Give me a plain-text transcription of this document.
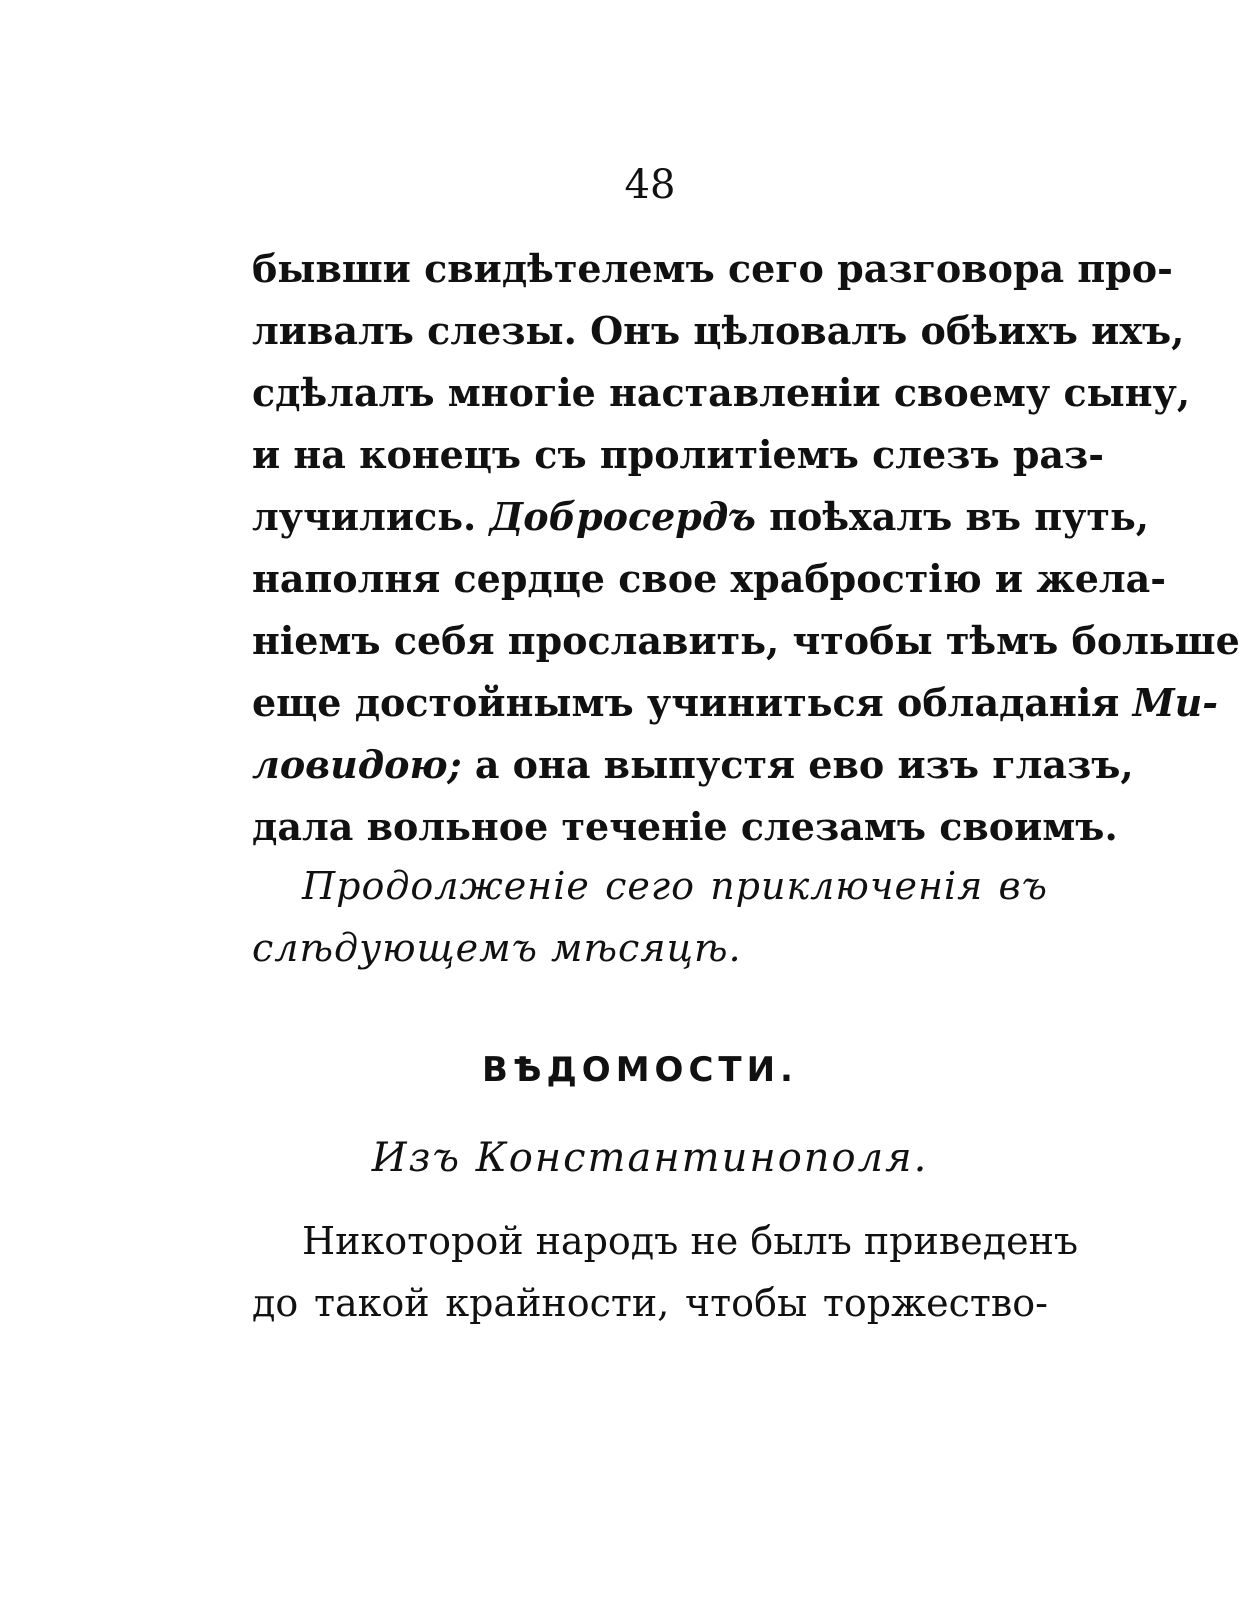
48
бывши свидѣтелемъ сего разговора про-
ливалъ слезы. Онъ цѣловалъ обѣихъ ихъ,
сдѣлалъ многіе наставленіи своему сыну,
и на конецъ съ пролитіемъ слезъ раз-
лучились. Добросердъ поѣхалъ въ путь,
наполня сердце свое храбростію и жела-
ніемъ себя прославить, чтобы тѣмъ больше
еще достойнымъ учиниться обладанія Ми-
ловидою; а она выпустя ево изъ глазъ,
дала вольное теченіе слезамъ своимъ.
Продолженіе сего приключенія въ
слѣдующемъ мѣсяцѣ.
ВѢДОМОСТИ.
Изъ Константинополя.
Никоторой народъ не былъ приведенъ
до такой крайности, чтобы торжество-
